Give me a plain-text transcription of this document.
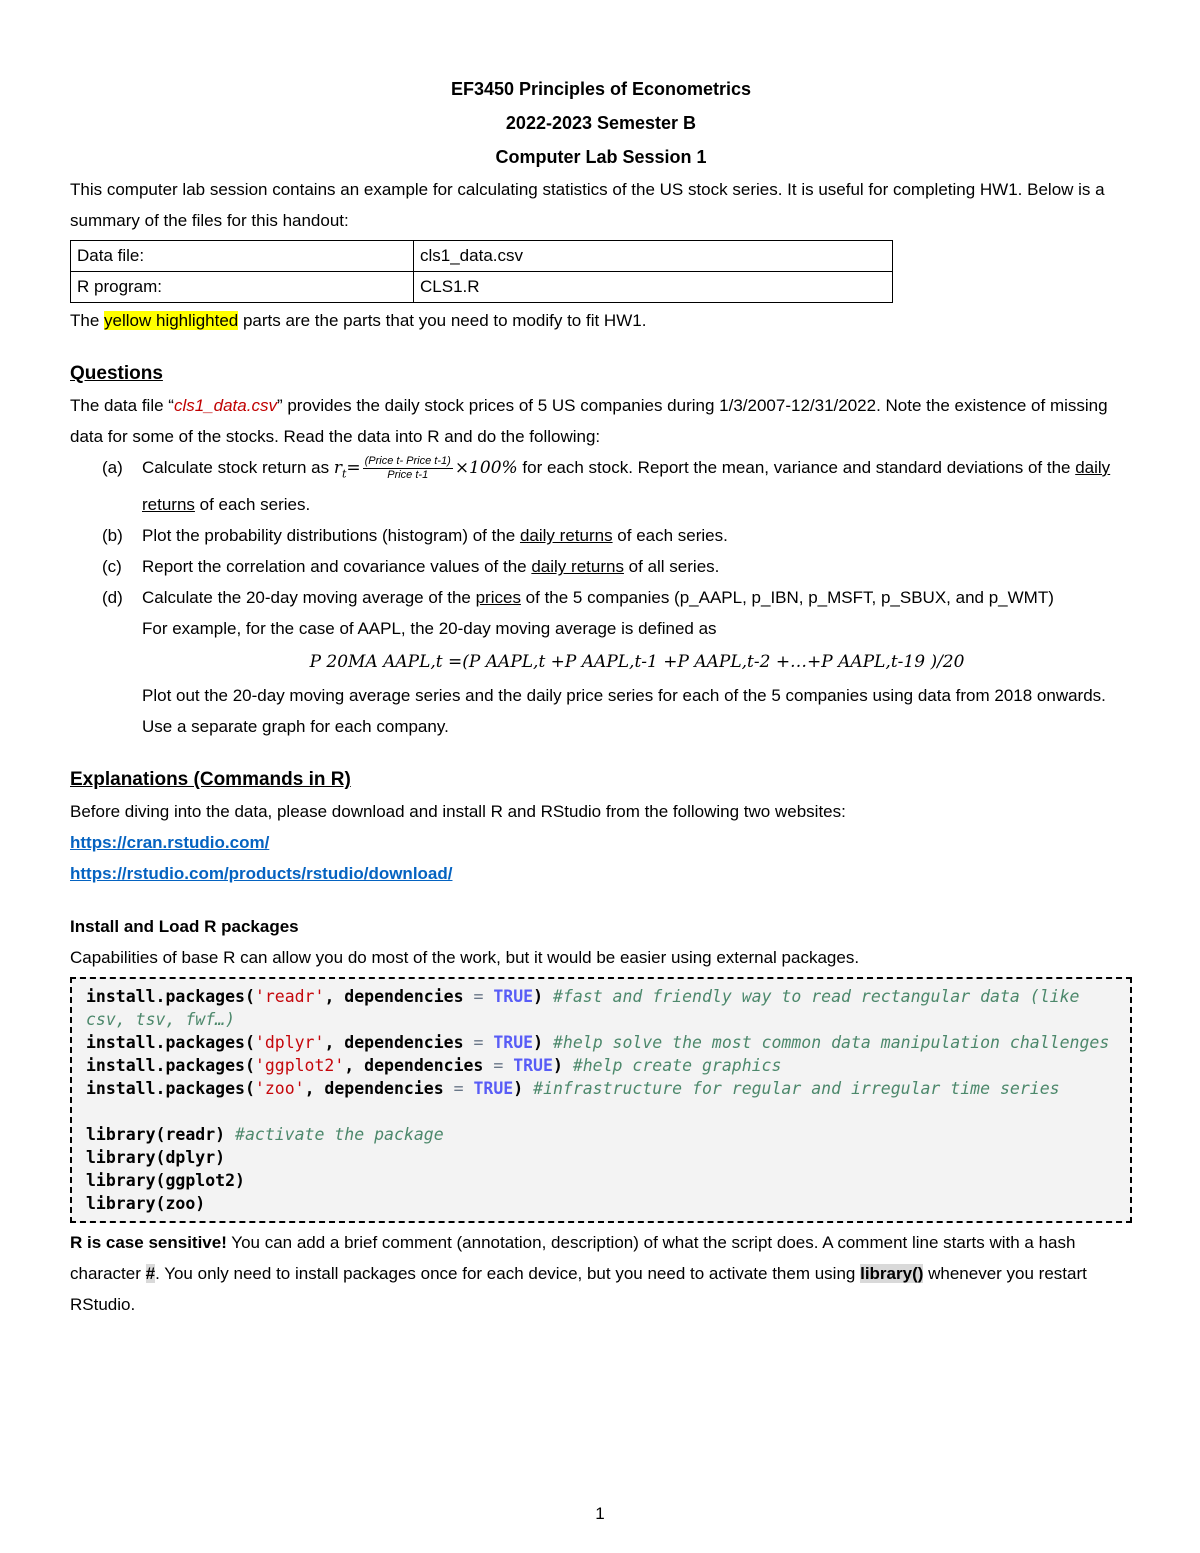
EF3450 Principles of Econometrics
2022-2023 Semester B
Computer Lab Session 1

This computer lab session contains an example for calculating statistics of the US stock series. It is useful for completing HW1. Below is a summary of the files for this handout:

Data file:	cls1_data.csv
R program:	CLS1.R

The yellow highlighted parts are the parts that you need to modify to fit HW1.

Questions

The data file “cls1_data.csv” provides the daily stock prices of 5 US companies during 1/3/2007-12/31/2022. Note the existence of missing data for some of the stocks. Read the data into R and do the following:

(a) Calculate stock return as $r_t= \frac{\text{(Price t- Price t-1)}}{\text{Price t-1}} \times 100\%$ for each stock. Report the mean, variance and standard deviations of the daily returns of each series.
(b) Plot the probability distributions (histogram) of the daily returns of each series.
(c) Report the correlation and covariance values of the daily returns of all series.
(d) Calculate the 20-day moving average of the prices of the 5 companies (p_AAPL, p_IBN, p_MSFT, p_SBUX, and p_WMT)
For example, for the case of AAPL, the 20-day moving average is defined as
P 20MA AAPL,t =(P AAPL,t +P AAPL,t-1 +P AAPL,t-2 +…+P AAPL,t-19 )/20
Plot out the 20-day moving average series and the daily price series for each of the 5 companies using data from 2018 onwards. Use a separate graph for each company.
Explanations (Commands in R)

Before diving into the data, please download and install R and RStudio from the following two websites:

https://cran.rstudio.com/

https://rstudio.com/products/rstudio/download/

Install and Load R packages

Capabilities of base R can allow you do most of the work, but it would be easier using external packages.

install.packages('readr', dependencies = TRUE) #fast and friendly way to read rectangular data (like csv, tsv, fwf…)
install.packages('dplyr', dependencies = TRUE) #help solve the most common data manipulation challenges
install.packages('ggplot2', dependencies = TRUE) #help create graphics
install.packages('zoo', dependencies = TRUE) #infrastructure for regular and irregular time series
library(readr) #activate the package
library(dplyr)
library(ggplot2)
library(zoo)

R is case sensitive! You can add a brief comment (annotation, description) of what the script does. A comment line starts with a hash character #. You only need to install packages once for each device, but you need to activate them using library() whenever you restart RStudio.

1
